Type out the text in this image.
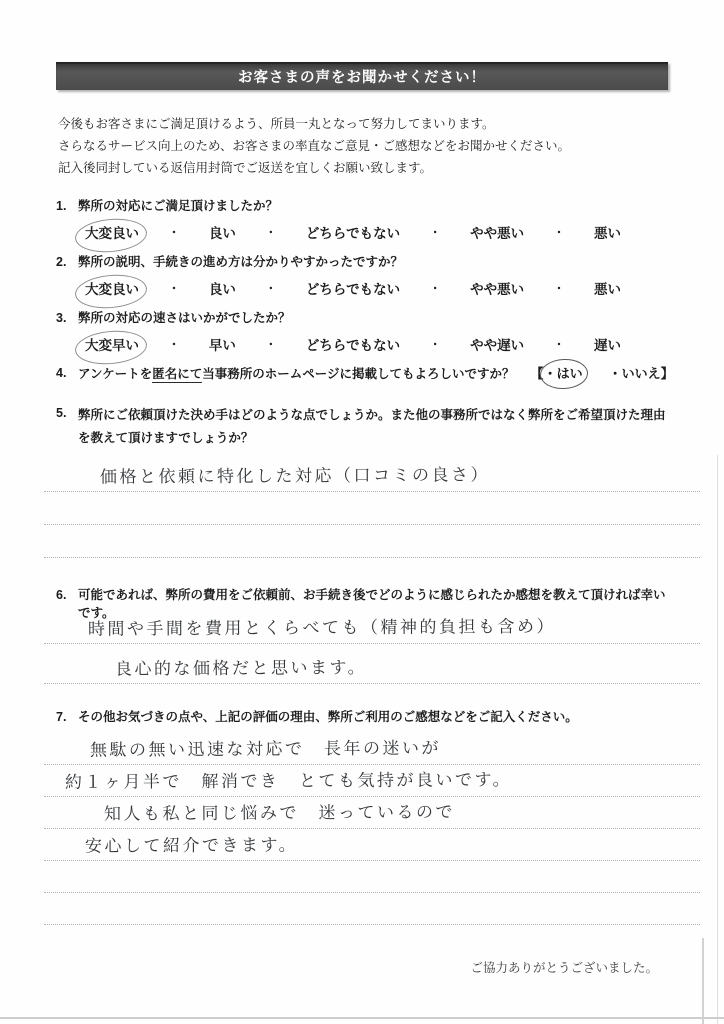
お客さまの声をお聞かせください！
今後もお客さまにご満足頂けるよう、所員一丸となって努力してまいります。
さらなるサービス向上のため、お客さまの率直なご意見・ご感想などをお聞かせください。
記入後同封している返信用封筒でご返送を宜しくお願い致します。
1. 弊所の対応にご満足頂けましたか？
大変良い	・ 良い	・ どちらでもない	・ やや悪い	・ 悪い
2. 弊所の説明、手続きの進め方は分かりやすかったですか？
大変良い	・ 良い	・ どちらでもない	・ やや悪い	・ 悪い
3. 弊所の対応の速さはいかがでしたか？
大変早い	・ 早い	・ どちらでもない	・ やや遅い	・ 遅い
4. アンケートを匿名にて当事務所のホームページに掲載してもよろしいですか？ 【 ・はい ・いいえ 】
5. 弊所にご依頼頂けた決め手はどのような点でしょうか。また他の事務所ではなく弊所をご希望頂けた理由を教えて頂けますでしょうか？
価格と依頼に特化した対応（口コミの良さ）
6. 可能であれば、弊所の費用をご依頼前、お手続き後でどのように感じられたか感想を教えて頂ければ幸いです。
時間や手間を費用とくらべても（精神的負担も含め）
良心的な価格だと思います。
7. その他お気づきの点や、上記の評価の理由、弊所ご利用のご感想などをご記入ください。
無駄の無い迅速な対応で　長年の迷いが
約１ヶ月半で　解消でき　とても気持が良いです。
知人も私と同じ悩みで　迷っているので
安心して紹介できます。
ご協力ありがとうございました。
